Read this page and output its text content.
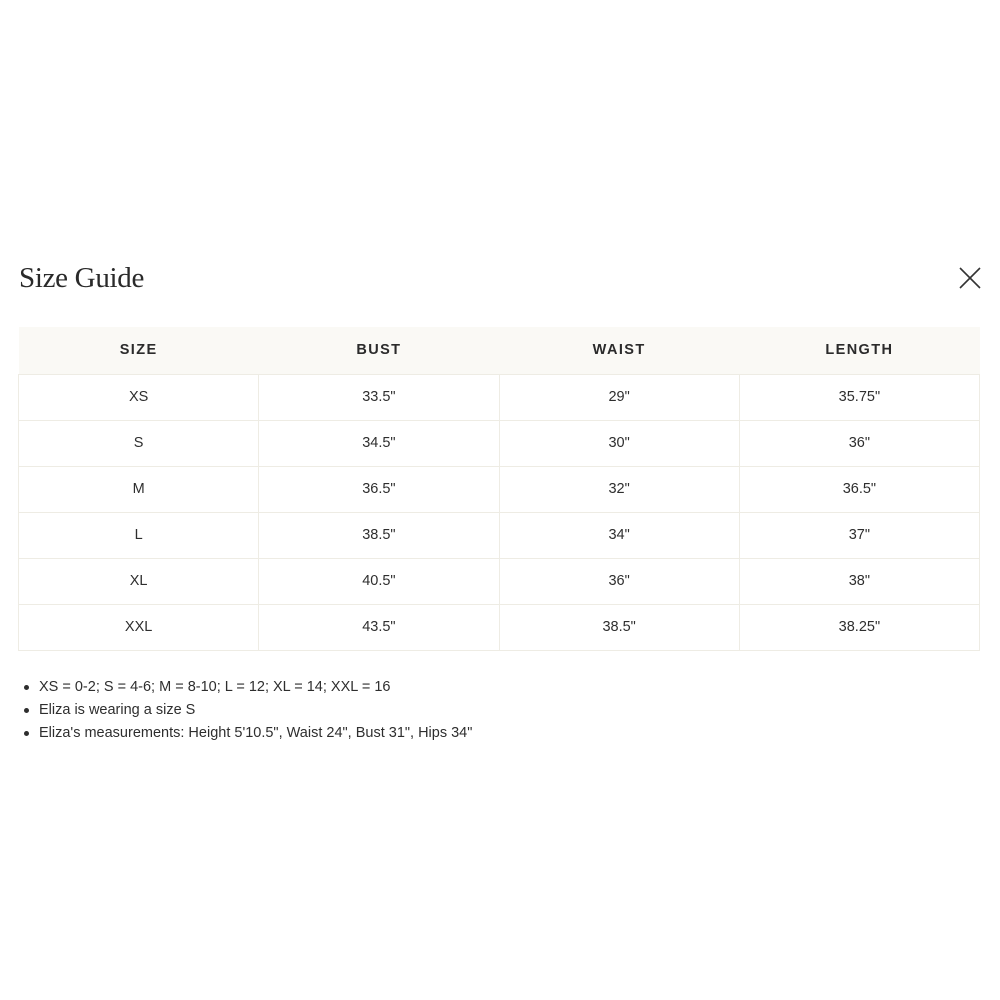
Size Guide
SIZE	BUST	WAIST	LENGTH
XS	33.5"	29"	35.75"
S	34.5"	30"	36"
M	36.5"	32"	36.5"
L	38.5"	34"	37"
XL	40.5"	36"	38"
XXL	43.5"	38.5"	38.25"
XS = 0-2; S = 4-6; M = 8-10; L = 12; XL = 14; XXL = 16
Eliza is wearing a size S
Eliza's measurements: Height 5'10.5", Waist 24", Bust 31", Hips 34"
